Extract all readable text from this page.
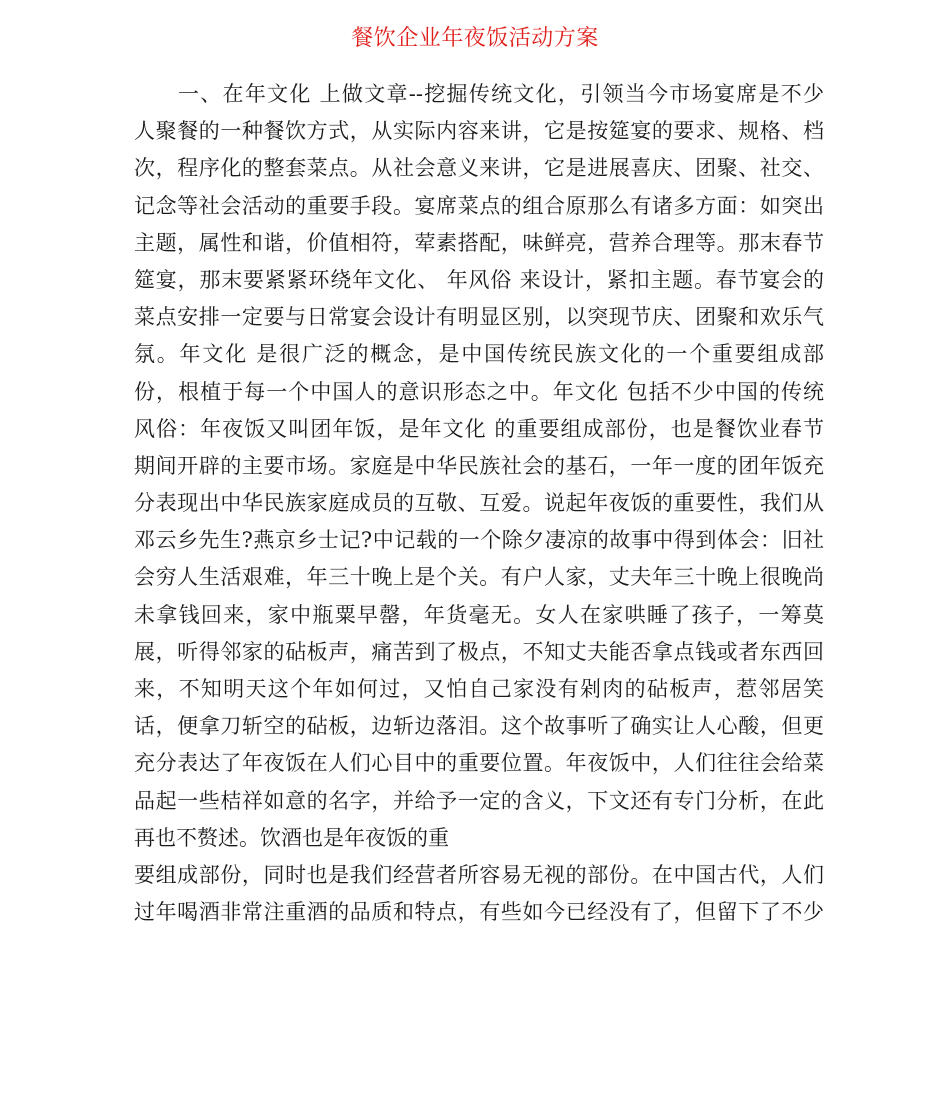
餐饮企业年夜饭活动方案
一、在年文化 上做文章--挖掘传统文化，引领当今市场宴席是不少
人聚餐的一种餐饮方式，从实际内容来讲，它是按筵宴的要求、规格、档
次，程序化的整套菜点。从社会意义来讲，它是进展喜庆、团聚、社交、
记念等社会活动的重要手段。宴席菜点的组合原那么有诸多方面：如突出
主题，属性和谐，价值相符，荤素搭配，味鲜亮，营养合理等。那末春节
筵宴，那末要紧紧环绕年文化、 年风俗 来设计，紧扣主题。春节宴会的
菜点安排一定要与日常宴会设计有明显区别，以突现节庆、团聚和欢乐气
氛。年文化 是很广泛的概念，是中国传统民族文化的一个重要组成部
份，根植于每一个中国人的意识形态之中。年文化 包括不少中国的传统
风俗：年夜饭又叫团年饭，是年文化 的重要组成部份，也是餐饮业春节
期间开辟的主要市场。家庭是中华民族社会的基石，一年一度的团年饭充
分表现出中华民族家庭成员的互敬、互爱。说起年夜饭的重要性，我们从
邓云乡先生?燕京乡士记?中记载的一个除夕凄凉的故事中得到体会：旧社
会穷人生活艰难，年三十晚上是个关。有户人家，丈夫年三十晚上很晚尚
未拿钱回来，家中瓶粟早罄，年货毫无。女人在家哄睡了孩子，一筹莫
展，听得邻家的砧板声，痛苦到了极点，不知丈夫能否拿点钱或者东西回
来，不知明天这个年如何过，又怕自己家没有剁肉的砧板声，惹邻居笑
话，便拿刀斩空的砧板，边斩边落泪。这个故事听了确实让人心酸，但更
充分表达了年夜饭在人们心目中的重要位置。年夜饭中，人们往往会给菜
品起一些桔祥如意的名字，并给予一定的含义，下文还有专门分析，在此
再也不赘述。饮酒也是年夜饭的重
要组成部份，同时也是我们经营者所容易无视的部份。在中国古代，人们
过年喝酒非常注重酒的品质和特点，有些如今已经没有了，但留下了不少
